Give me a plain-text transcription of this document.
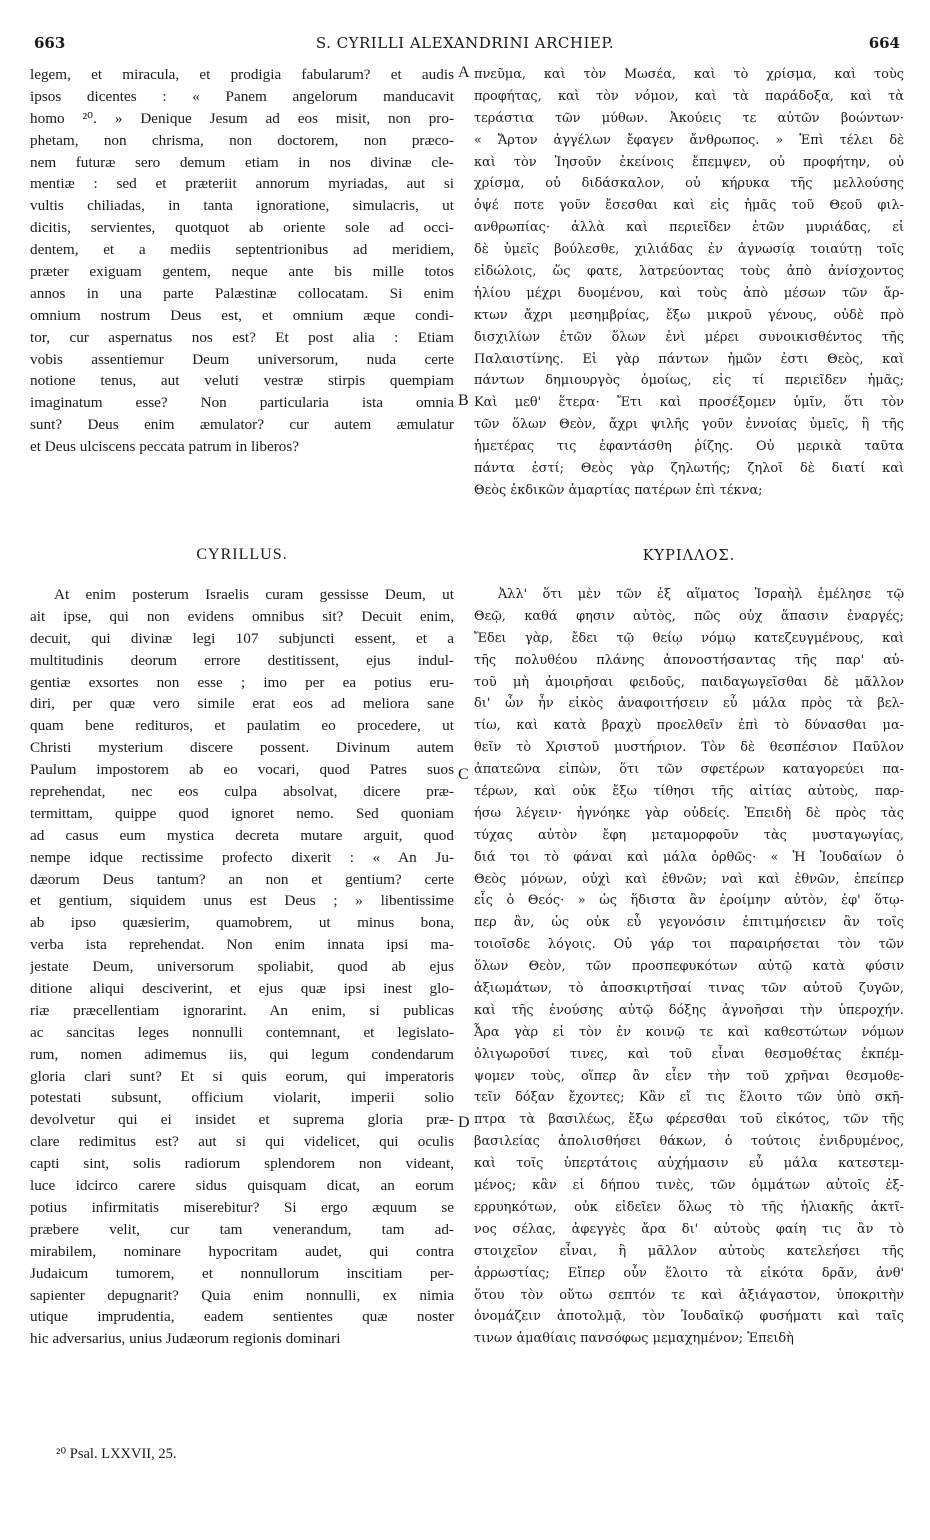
663	S. CYRILLI ALEXANDRINI ARCHIEP.	664
legem, et miracula, et prodigia fabularum? et audis
ipsos dicentes : « Panem angelorum manducavit
homo ²⁰. » Denique Jesum ad eos misit, non pro-
phetam, non chrisma, non doctorem, non præco-
nem futuræ sero demum etiam in nos divinæ cle-
mentiæ : sed et præteriit annorum myriadas, aut si
vultis chiliadas, in tanta ignoratione, simulacris, ut
dicitis, servientes, quotquot ab oriente sole ad occi-
dentem, et a mediis septentrionibus ad meridiem,
præter exiguam gentem, neque ante bis mille totos
annos in una parte Palæstinæ collocatam. Si enim
omnium nostrum Deus est, et omnium æque condi-
tor, cur aspernatus nos est? Et post alia : Etiam
vobis assentiemur Deum universorum, nuda certe
notione tenus, aut veluti vestræ stirpis quempiam
imaginatum esse? Non particularia ista omnia
sunt? Deus enim æmulator? cur autem æmulatur
et Deus ulciscens peccata patrum in liberos?
πνεῦμα, καὶ τὸν Μωσέα, καὶ τὸ χρίσμα, καὶ τοὺς
προφήτας, καὶ τὸν νόμον, καὶ τὰ παράδοξα, καὶ τὰ
τεράστια τῶν μύθων. Ἀκούεις τε αὐτῶν βοώντων·
« Ἄρτον ἀγγέλων ἔφαγεν ἄνθρωπος. » Ἐπὶ τέλει δὲ
καὶ τὸν Ἰησοῦν ἐκείνοις ἔπεμψεν, οὐ προφήτην, οὐ
χρίσμα, οὐ διδάσκαλον, οὐ κήρυκα τῆς μελλούσης
ὀψέ ποτε γοῦν ἔσεσθαι καὶ εἰς ἡμᾶς τοῦ Θεοῦ φιλ-
ανθρωπίας· ἀλλὰ καὶ περιεῖδεν ἐτῶν μυριάδας, εἰ
δὲ ὑμεῖς βούλεσθε, χιλιάδας ἐν ἀγνωσίᾳ τοιαύτῃ τοῖς
εἰδώλοις, ὥς φατε, λατρεύοντας τοὺς ἀπὸ ἀνίσχοντος
ἡλίου μέχρι δυομένου, καὶ τοὺς ἀπὸ μέσων τῶν ἄρ-
κτων ἄχρι μεσημβρίας, ἔξω μικροῦ γένους, οὐδὲ πρὸ
δισχιλίων ἐτῶν ὅλων ἑνὶ μέρει συνοικισθέντος τῆς
Παλαιστίνης. Εἰ γὰρ πάντων ἡμῶν ἐστι Θεὸς, καὶ
πάντων δημιουργὸς ὁμοίως, εἰς τί περιεῖδεν ἡμᾶς;
Καὶ μεθ' ἕτερα· Ἔτι καὶ προσέξομεν ὑμῖν, ὅτι τὸν
τῶν ὅλων Θεὸν, ἄχρι ψιλῆς γοῦν ἐννοίας ὑμεῖς, ἢ τῆς
ἡμετέρας τις ἐφαντάσθη ῥίζης. Οὐ μερικὰ ταῦτα
πάντα ἐστί; Θεὸς γὰρ ζηλωτής; ζηλοῖ δὲ διατί καὶ
Θεὸς ἐκδικῶν ἁμαρτίας πατέρων ἐπὶ τέκνα;
CYRILLUS.	ΚΥΡΙΛΛΟΣ.
At enim posterum Israelis curam gessisse Deum, ut
ait ipse, qui non evidens omnibus sit? Decuit enim,
decuit, qui divinæ legi 107 subjuncti essent, et a
multitudinis deorum errore destitissent, ejus indul-
gentiæ exsortes non esse ; imo per ea potius eru-
diri, per quæ vero simile erat eos ad meliora sane
quam bene redituros, et paulatim eo procedere, ut
Christi mysterium discere possent. Divinum autem
Paulum impostorem ab eo vocari, quod Patres suos
reprehendat, nec eos culpa absolvat, dicere præ-
termittam, quippe quod ignoret nemo. Sed quoniam
ad casus eum mystica decreta mutare arguit, quod
nempe idque rectissime profecto dixerit : « An Ju-
dæorum Deus tantum? an non et gentium? certe
et gentium, siquidem unus est Deus ; » libentissime
ab ipso quæsierim, quamobrem, ut minus bona,
verba ista reprehendat. Non enim innata ipsi ma-
jestate Deum, universorum spoliabit, quod ab ejus
ditione aliqui desciverint, et ejus quæ ipsi inest glo-
riæ præcellentiam ignorarint. An enim, si publicas
ac sancitas leges nonnulli contemnant, et legislato-
rum, nomen adimemus iis, qui legum condendarum
gloria clari sunt? Et si quis eorum, qui imperatoris
potestati subsunt, officium violarit, imperii solio
devolvetur qui ei insidet et suprema gloria præ-
clare redimitus est? aut si qui videlicet, qui oculis
capti sint, solis radiorum splendorem non videant,
luce idcirco carere sidus quisquam dicat, an eorum
potius infirmitatis miserebitur? Si ergo æquum se
præbere velit, cur tam venerandum, tam ad-
mirabilem, nominare hypocritam audet, qui contra
Judaicum tumorem, et nonnullorum inscitiam per-
sapienter depugnarit? Quia enim nonnulli, ex nimia
utique imprudentia, eadem sentientes quæ noster
hic adversarius, unius Judæorum regionis dominari
Ἀλλ' ὅτι μὲν τῶν ἐξ αἵματος Ἰσραὴλ ἐμέλησε τῷ
Θεῷ, καθά φησιν αὐτὸς, πῶς οὐχ ἅπασιν ἐναργές;
Ἔδει γὰρ, ἔδει τῷ θείῳ νόμῳ κατεζευγμένους, καὶ
τῆς πολυθέου πλάνης ἀπονοστήσαντας τῆς παρ' αὐ-
τοῦ μὴ ἀμοιρῆσαι φειδοῦς, παιδαγωγεῖσθαι δὲ μᾶλλον
δι' ὧν ἦν εἰκὸς ἀναφοιτήσειν εὖ μάλα πρὸς τὰ βελ-
τίω, καὶ κατὰ βραχὺ προελθεῖν ἐπὶ τὸ δύνασθαι μα-
θεῖν τὸ Χριστοῦ μυστήριον. Τὸν δὲ θεσπέσιον Παῦλον
ἀπατεῶνα εἰπὼν, ὅτι τῶν σφετέρων καταγορεύει πα-
τέρων, καὶ οὐκ ἔξω τίθησι τῆς αἰτίας αὐτοὺς, παρ-
ήσω λέγειν· ἠγνόηκε γὰρ οὐδείς. Ἐπειδὴ δὲ πρὸς τὰς
τύχας αὐτὸν ἔφη μεταμορφοῦν τὰς μυσταγωγίας,
διά τοι τὸ φάναι καὶ μάλα ὀρθῶς· « Ἡ Ἰουδαίων ὁ
Θεὸς μόνων, οὐχὶ καὶ ἐθνῶν; ναὶ καὶ ἐθνῶν, ἐπείπερ
εἷς ὁ Θεός· » ὡς ἥδιστα ἂν ἐροίμην αὐτὸν, ἐφ' ὅτῳ-
περ ἂν, ὡς οὐκ εὖ γεγονόσιν ἐπιτιμήσειεν ἂν τοῖς
τοιοῖσδε λόγοις. Οὐ γάρ τοι παραιρήσεται τὸν τῶν
ὅλων Θεὸν, τῶν προσπεφυκότων αὐτῷ κατὰ φύσιν
ἀξιωμάτων, τὸ ἀποσκιρτῆσαί τινας τῶν αὐτοῦ ζυγῶν,
καὶ τῆς ἐνούσης αὐτῷ δόξης ἀγνοῆσαι τὴν ὑπεροχήν.
Ἆρα γὰρ εἰ τὸν ἐν κοινῷ τε καὶ καθεστώτων νόμων
ὀλιγωροῦσί τινες, καὶ τοῦ εἶναι θεσμοθέτας ἐκπέμ-
ψομεν τοὺς, οἵπερ ἂν εἶεν τὴν τοῦ χρῆναι θεσμοθε-
τεῖν δόξαν ἔχοντες; Κἂν εἴ τις ἕλοιτο τῶν ὑπὸ σκῆ-
πτρα τὰ βασιλέως, ἔξω φέρεσθαι τοῦ εἰκότος, τῶν τῆς
βασιλείας ἀπολισθήσει θάκων, ὁ τούτοις ἐνιδρυμένος,
καὶ τοῖς ὑπερτάτοις αὐχήμασιν εὖ μάλα κατεστεμ-
μένος; κἂν εἰ δήπου τινὲς, τῶν ὀμμάτων αὐτοῖς ἐξ-
ερρυηκότων, οὐκ εἰδεῖεν ὅλως τὸ τῆς ἡλιακῆς ἀκτῖ-
νος σέλας, ἀφεγγὲς ἄρα δι' αὐτοὺς φαίη τις ἂν τὸ
στοιχεῖον εἶναι, ἢ μᾶλλον αὐτοὺς κατελεήσει τῆς
ἀρρωστίας; Εἴπερ οὖν ἕλοιτο τὰ εἰκότα δρᾶν, ἀνθ'
ὅτου τὸν οὕτω σεπτόν τε καὶ ἀξιάγαστον, ὑποκριτὴν
ὀνομάζειν ἀποτολμᾷ, τὸν Ἰουδαϊκῷ φυσήματι καὶ ταῖς
τινων ἀμαθίαις πανσόφως μεμαχημένον; Ἐπειδὴ
A
B
C
D
²⁰ Psal. LXXVII, 25.
